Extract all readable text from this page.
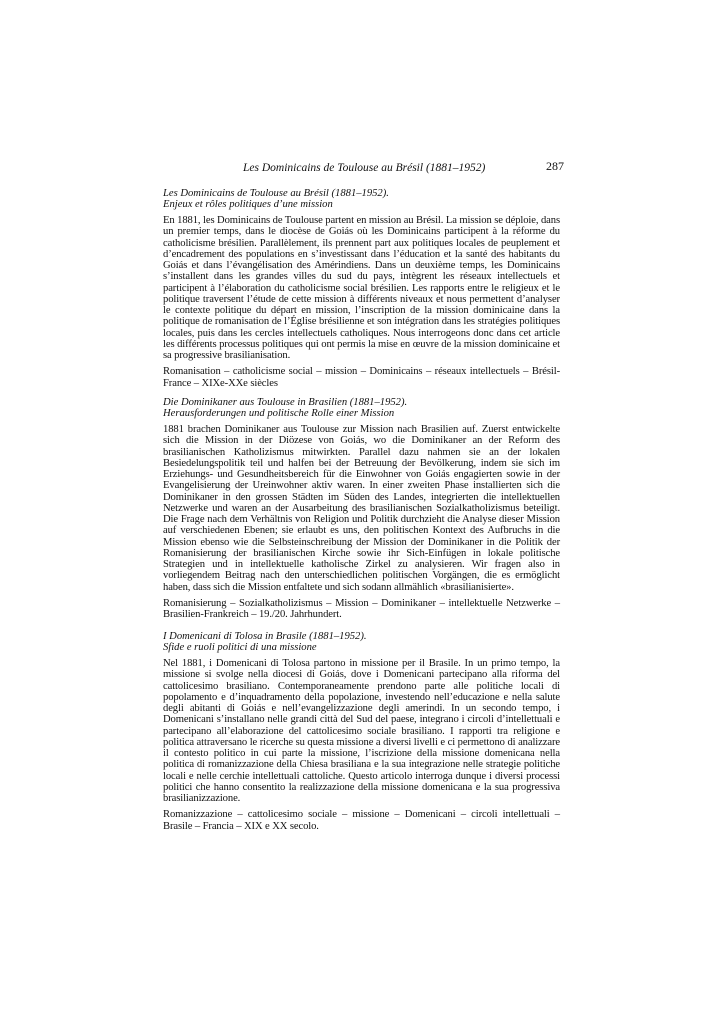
Les Dominicains de Toulouse au Brésil (1881–1952)	287

Les Dominicains de Toulouse au Brésil (1881–1952).
Enjeux et rôles politiques d’une mission

En 1881, les Dominicains de Toulouse partent en mission au Brésil. La mission se déploie, dans un premier temps, dans le diocèse de Goiás où les Dominicains participent à la réforme du catholicisme brésilien. Parallèlement, ils prennent part aux politiques locales de peuplement et d’encadrement des populations en s’investissant dans l’éducation et la santé des habitants du Goiás et dans l’évangélisation des Amérindiens. Dans un deuxième temps, les Dominicains s’installent dans les grandes villes du sud du pays, intègrent les réseaux intellectuels et participent à l’élaboration du catholicisme social brésilien. Les rapports entre le religieux et le politique traversent l’étude de cette mission à différents niveaux et nous permettent d’analyser le contexte politique du départ en mission, l’inscription de la mission dominicaine dans la politique de romanisation de l’Église brésilienne et son intégration dans les stratégies politiques locales, puis dans les cercles intellectuels catholiques. Nous interrogeons donc dans cet article les différents processus politiques qui ont permis la mise en œuvre de la mission dominicaine et sa progressive brasilianisation.

Romanisation – catholicisme social – mission – Dominicains – réseaux intellectuels – Brésil-France – XIXe-XXe siècles

Die Dominikaner aus Toulouse in Brasilien (1881–1952).
Herausforderungen und politische Rolle einer Mission

1881 brachen Dominikaner aus Toulouse zur Mission nach Brasilien auf. Zuerst entwickelte sich die Mission in der Diözese von Goiás, wo die Dominikaner an der Reform des brasilianischen Katholizismus mitwirkten. Parallel dazu nahmen sie an der lokalen Besiedelungspolitik teil und halfen bei der Betreuung der Bevölkerung, indem sie sich im Erziehungs- und Gesundheitsbereich für die Einwohner von Goiás engagierten sowie in der Evangelisierung der Ureinwohner aktiv waren. In einer zweiten Phase installierten sich die Dominikaner in den grossen Städten im Süden des Landes, integrierten die intellektuellen Netzwerke und waren an der Ausarbeitung des brasilianischen Sozialkatholizismus beteiligt. Die Frage nach dem Verhältnis von Religion und Politik durchzieht die Analyse dieser Mission auf verschiedenen Ebenen; sie erlaubt es uns, den politischen Kontext des Aufbruchs in die Mission ebenso wie die Selbsteinschreibung der Mission der Dominikaner in die Politik der Romanisierung der brasilianischen Kirche sowie ihr Sich-Einfügen in lokale politische Strategien und in intellektuelle katholische Zirkel zu analysieren. Wir fragen also in vorliegendem Beitrag nach den unterschiedlichen politischen Vorgängen, die es ermöglicht haben, dass sich die Mission entfaltete und sich sodann allmählich «brasilianisierte».

Romanisierung – Sozialkatholizismus – Mission – Dominikaner – intellektuelle Netzwerke – Brasilien-Frankreich – 19./20. Jahrhundert.

I Domenicani di Tolosa in Brasile (1881–1952).
Sfide e ruoli politici di una missione

Nel 1881, i Domenicani di Tolosa partono in missione per il Brasile. In un primo tempo, la missione si svolge nella diocesi di Goiás, dove i Domenicani partecipano alla riforma del cattolicesimo brasiliano. Contemporaneamente prendono parte alle politiche locali di popolamento e d’inquadramento della popolazione, investendo nell’educazione e nella salute degli abitanti di Goiás e nell’evangelizzazione degli amerindi. In un secondo tempo, i Domenicani s’installano nelle grandi città del Sud del paese, integrano i circoli d’intellettuali e partecipano all’elaborazione del cattolicesimo sociale brasiliano. I rapporti tra religione e politica attraversano le ricerche su questa missione a diversi livelli e ci permettono di analizzare il contesto politico in cui parte la missione, l’iscrizione della missione domenicana nella politica di romanizzazione della Chiesa brasiliana e la sua integrazione nelle strategie politiche locali e nelle cerchie intellettuali cattoliche. Questo articolo interroga dunque i diversi processi politici che hanno consentito la realizzazione della missione domenicana e la sua progressiva brasilianizzazione.

Romanizzazione – cattolicesimo sociale – missione – Domenicani – circoli intellettuali – Brasile – Francia – XIX e XX secolo.
